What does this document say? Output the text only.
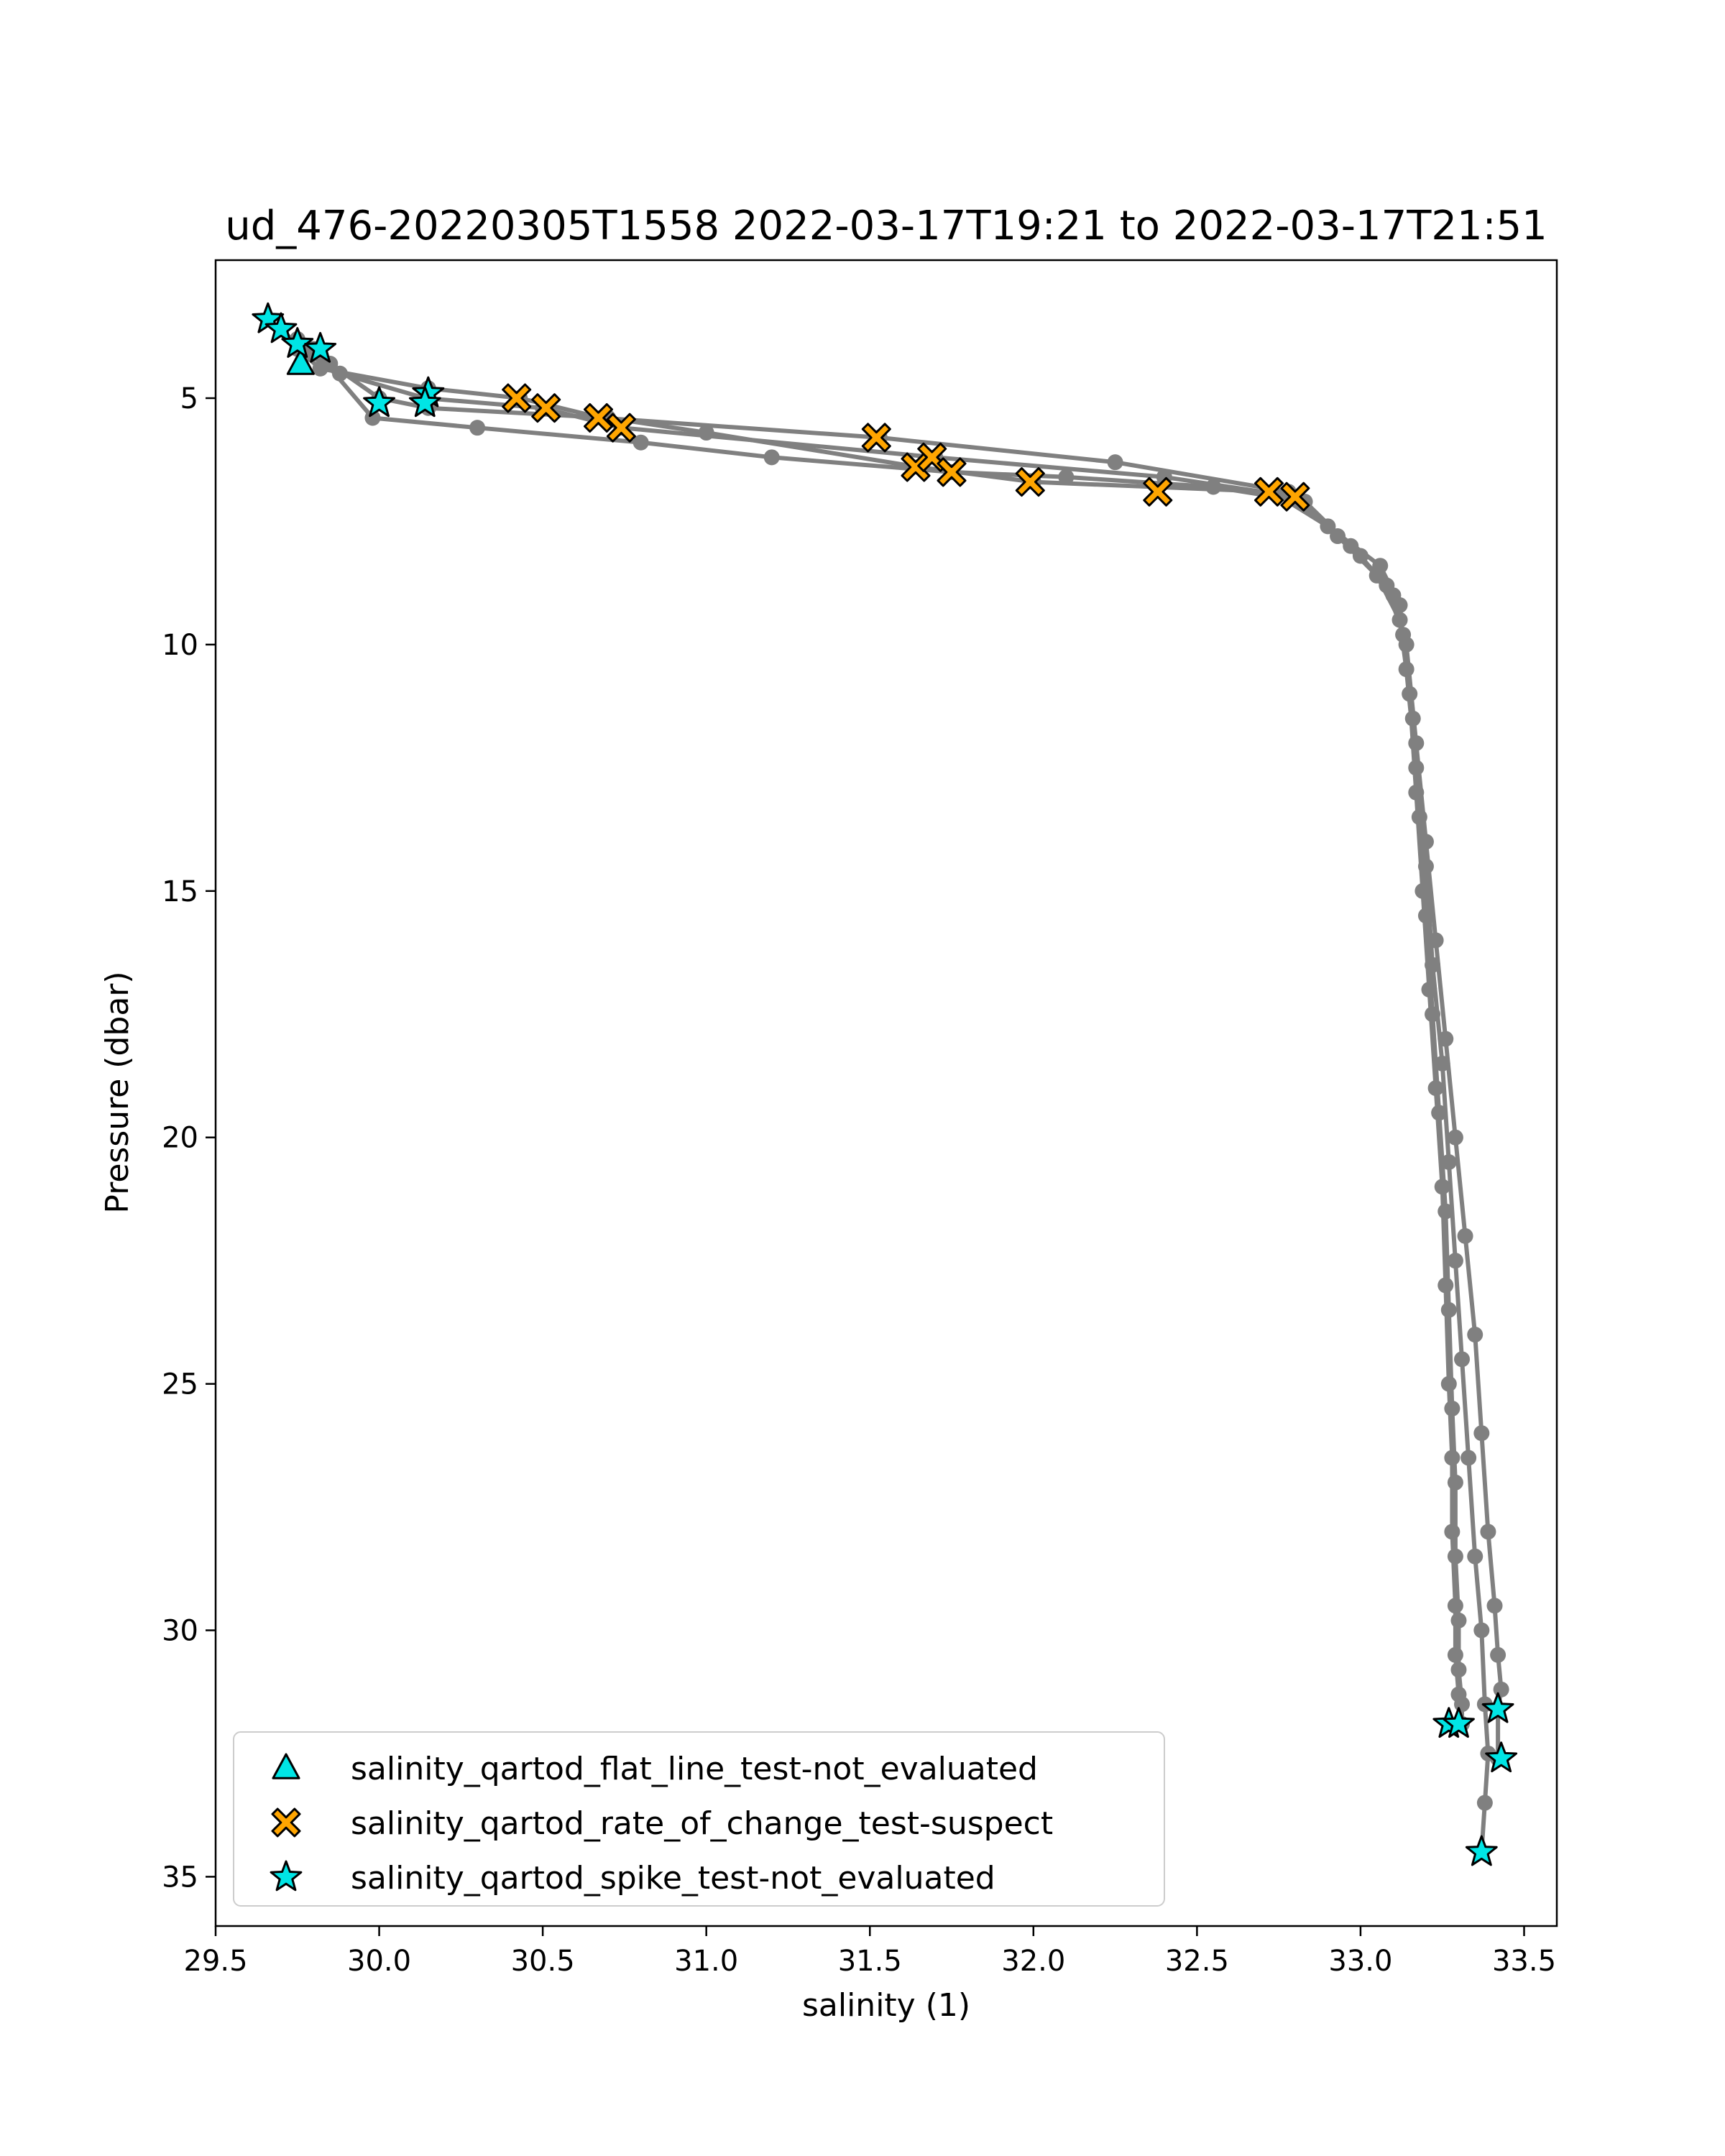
ud_476-20220305T1558 2022-03-17T19:21 to 2022-03-17T21:51
29.5	30.0	30.5	31.0	31.5	32.0	32.5	33.0	33.5
5
10
15
20
25
30
35
salinity (1)
Pressure (dbar)
salinity_qartod_flat_line_test-not_evaluated
salinity_qartod_rate_of_change_test-suspect
salinity_qartod_spike_test-not_evaluated
